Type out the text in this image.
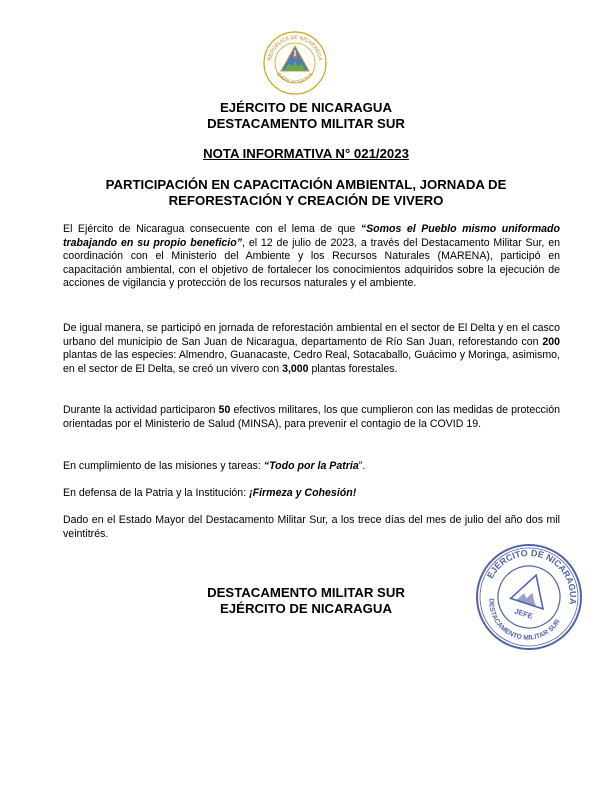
REPÚBLICA DE NICARAGUA
AMÉRICA CENTRAL
EJÉRCITO DE NICARAGUA
DESTACAMENTO MILITAR SUR
NOTA INFORMATIVA N° 021/2023
PARTICIPACIÓN EN CAPACITACIÓN AMBIENTAL, JORNADA DE
REFORESTACIÓN Y CREACIÓN DE VIVERO
El Ejército de Nicaragua consecuente con el lema de que “Somos el Pueblo mismo uniformado trabajando en su propio beneficio”, el 12 de julio de 2023, a través del Destacamento Militar Sur, en coordinación con el Ministerio del Ambiente y los Recursos Naturales (MARENA), participó en capacitación ambiental, con el objetivo de fortalecer los conocimientos adquiridos sobre la ejecución de acciones de vigilancia y protección de los recursos naturales y el ambiente.
De igual manera, se participó en jornada de reforestación ambiental en el sector de El Delta y en el casco urbano del municipio de San Juan de Nicaragua, departamento de Río San Juan, reforestando con 200 plantas de las especies: Almendro, Guanacaste, Cedro Real, Sotacaballo, Guácimo y Moringa, asimismo, en el sector de El Delta, se creó un vivero con 3,000 plantas forestales.
Durante la actividad participaron 50 efectivos militares, los que cumplieron con las medidas de protección orientadas por el Ministerio de Salud (MINSA), para prevenir el contagio de la COVID 19.
En cumplimiento de las misiones y tareas: “Todo por la Patria”.
En defensa de la Patria y la Institución: ¡Firmeza y Cohesión!
Dado en el Estado Mayor del Destacamento Militar Sur, a los trece días del mes de julio del año dos mil veintitrés.
DESTACAMENTO MILITAR SUR
EJÉRCITO DE NICARAGUA
EJÉRCITO DE NICARAGUA
DESTACAMENTO MILITAR SUR
JEFE
